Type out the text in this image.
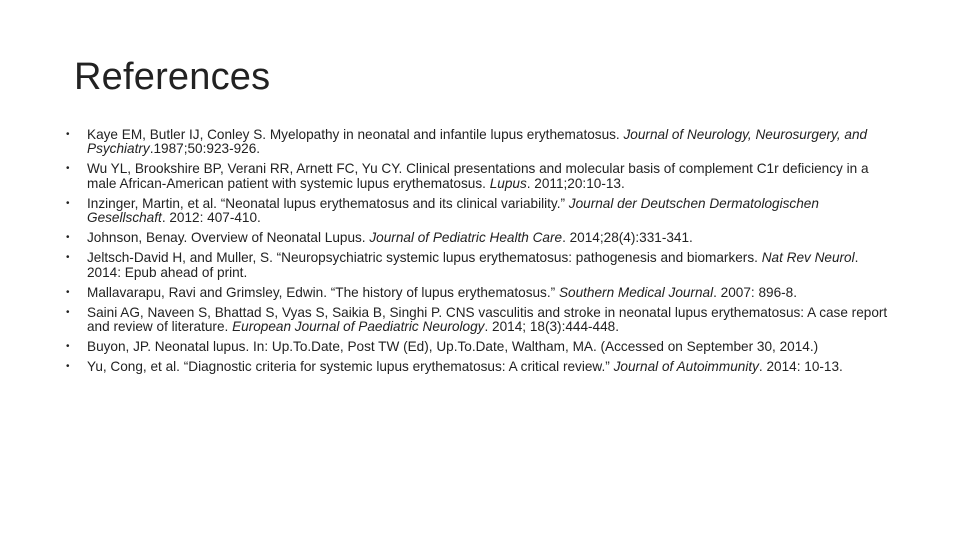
References
• Kaye EM, Butler IJ, Conley S. Myelopathy in neonatal and infantile lupus erythematosus. Journal of Neurology, Neurosurgery, and Psychiatry.1987;50:923-926.
• Wu YL, Brookshire BP, Verani RR, Arnett FC, Yu CY. Clinical presentations and molecular basis of complement C1r deficiency in a male African-American patient with systemic lupus erythematosus. Lupus. 2011;20:10-13.
• Inzinger, Martin, et al. “Neonatal lupus erythematosus and its clinical variability.” Journal der Deutschen Dermatologischen Gesellschaft. 2012: 407-410.
• Johnson, Benay. Overview of Neonatal Lupus. Journal of Pediatric Health Care. 2014;28(4):331-341.
• Jeltsch-David H, and Muller, S. “Neuropsychiatric systemic lupus erythematosus: pathogenesis and biomarkers. Nat Rev Neurol. 2014: Epub ahead of print.
• Mallavarapu, Ravi and Grimsley, Edwin. “The history of lupus erythematosus.” Southern Medical Journal. 2007: 896-8.
• Saini AG, Naveen S, Bhattad S, Vyas S, Saikia B, Singhi P. CNS vasculitis and stroke in neonatal lupus erythematosus: A case report and review of literature. European Journal of Paediatric Neurology. 2014; 18(3):444-448.
• Buyon, JP. Neonatal lupus. In: Up.To.Date, Post TW (Ed), Up.To.Date, Waltham, MA. (Accessed on September 30, 2014.)
• Yu, Cong, et al. “Diagnostic criteria for systemic lupus erythematosus: A critical review.” Journal of Autoimmunity. 2014: 10-13.
